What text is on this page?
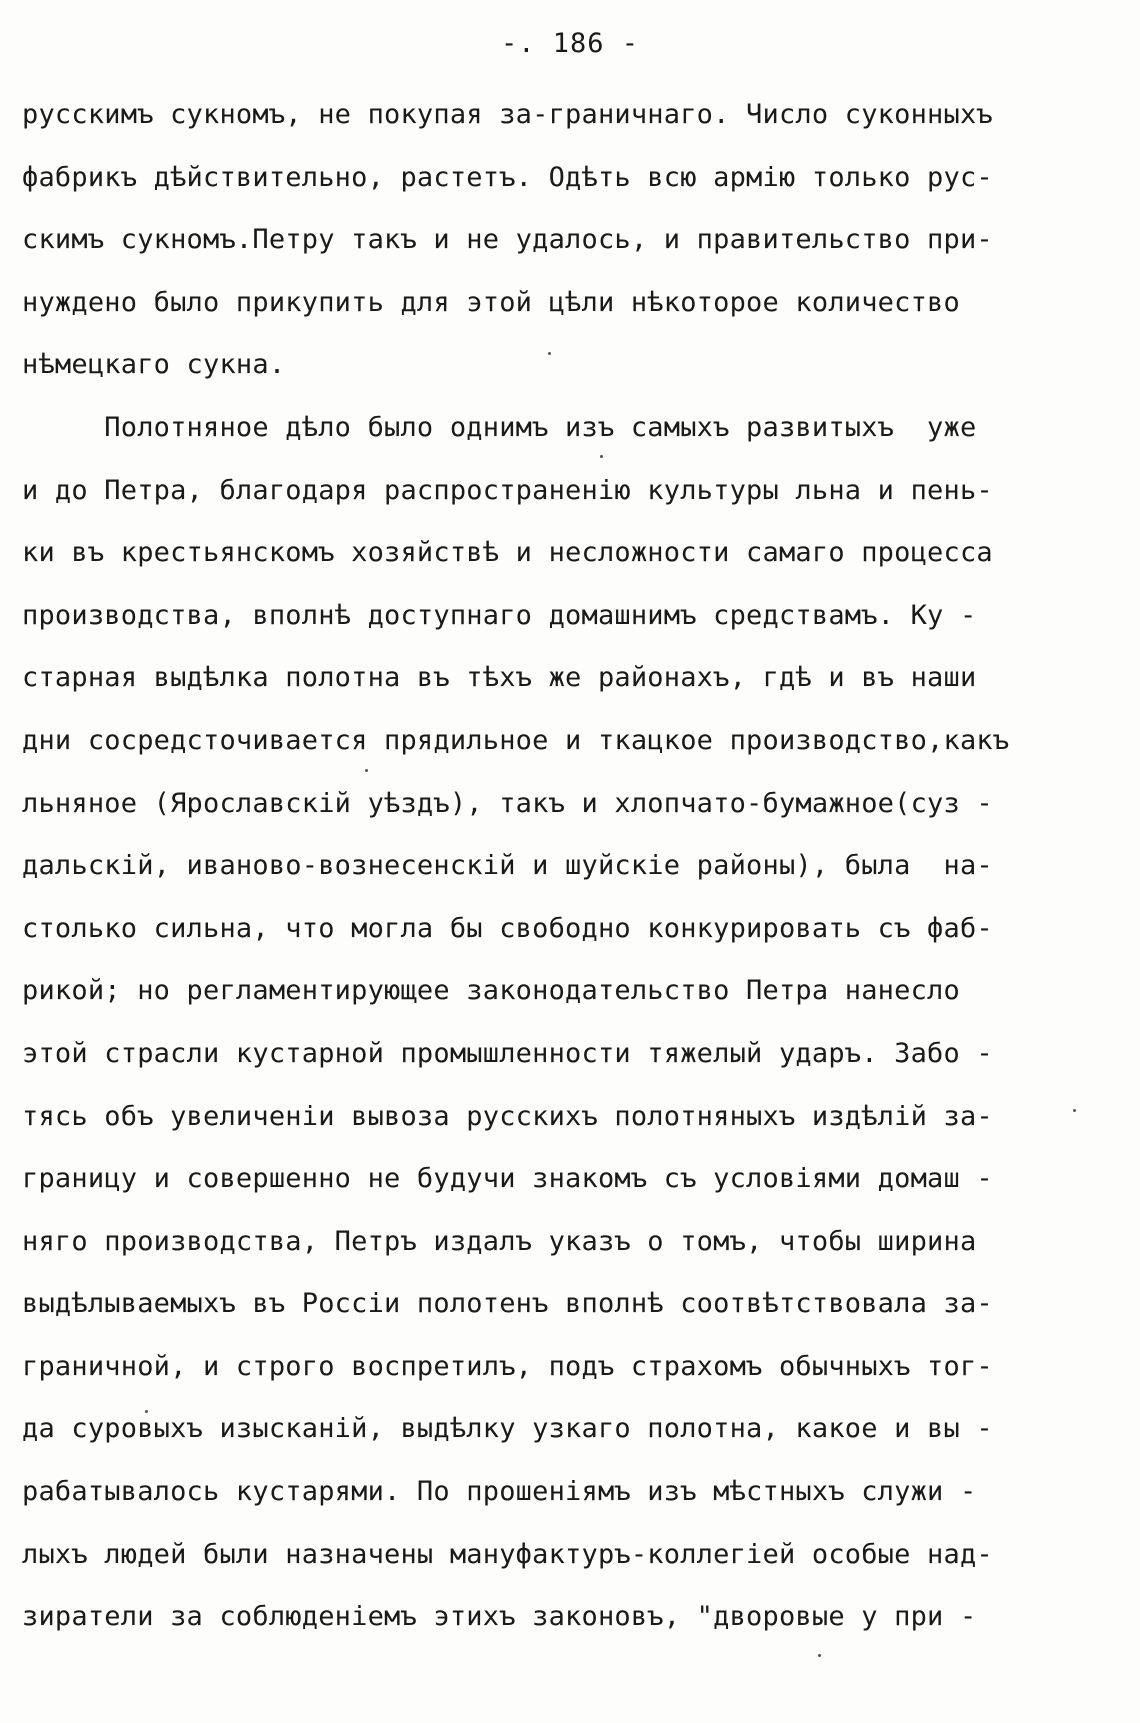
-. 186 -
русскимъ сукномъ, не покупая за-граничнаго. Число суконныхъ
фабрикъ дѣйствительно, растетъ. Одѣть всю армію только рус-
скимъ сукномъ.Петру такъ и не удалось, и правительство при-
нуждено было прикупить для этой цѣли нѣкоторое количество
нѣмецкаго сукна.
Полотняное дѣло было однимъ изъ самыхъ развитыхъ  уже
и до Петра, благодаря распространенію культуры льна и пень-
ки въ крестьянскомъ хозяйствѣ и несложности самаго процесса
производства, вполнѣ доступнаго домашнимъ средствамъ. Ку -
старная выдѣлка полотна въ тѣхъ же районахъ, гдѣ и въ наши
дни сосредсточивается прядильное и ткацкое производство,какъ
льняное (Ярославскій уѣздъ), такъ и хлопчато-бумажное(суз -
дальскій, иваново-вознесенскій и шуйскіе районы), была  на-
столько сильна, что могла бы свободно конкурировать съ фаб-
рикой; но регламентирующее законодательство Петра нанесло
этой страсли кустарной промышленности тяжелый ударъ. Забо -
тясь объ увеличеніи вывоза русскихъ полотняныхъ издѣлій за-
границу и совершенно не будучи знакомъ съ условіями домаш -
няго производства, Петръ издалъ указъ о томъ, чтобы ширина
выдѣлываемыхъ въ Россіи полотенъ вполнѣ соотвѣтствовала за-
граничной, и строго воспретилъ, подъ страхомъ обычныхъ тог-
да суровыхъ изысканій, выдѣлку узкаго полотна, какое и вы -
рабатывалось кустарями. По прошеніямъ изъ мѣстныхъ служи -
лыхъ людей были назначены мануфактуръ-коллегіей особые над-
зиратели за соблюденіемъ этихъ законовъ, "дворовые у при -
